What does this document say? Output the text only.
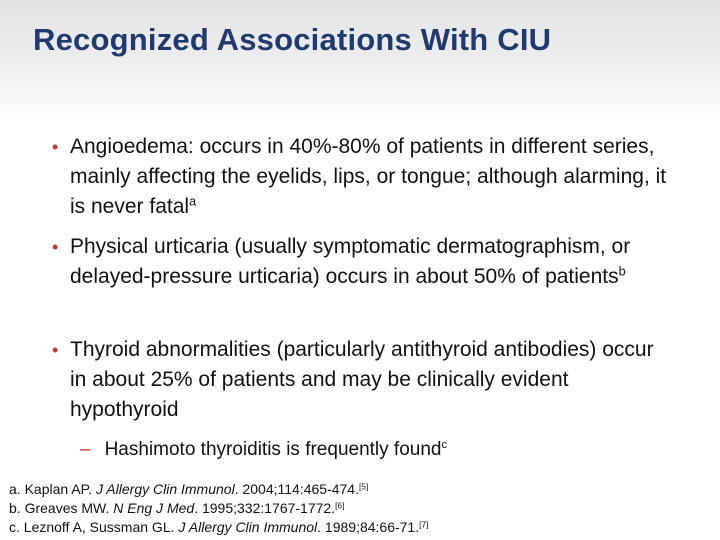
Recognized Associations With CIU
• Angioedema: occurs in 40%-80% of patients in different series, mainly affecting the eyelids, lips, or tongue; although alarming, it is never fatal$^a$
• Physical urticaria (usually symptomatic dermatographism, or delayed-pressure urticaria) occurs in about 50% of patients$^b$
• Thyroid abnormalities (particularly antithyroid antibodies) occur in about 25% of patients and may be clinically evident hypothyroid
– Hashimoto thyroiditis is frequently found$^c$
a. Kaplan AP. J Allergy Clin Immunol. 2004;114:465-474.[5]
b. Greaves MW. N Eng J Med. 1995;332:1767-1772.[6]
c. Leznoff A, Sussman GL. J Allergy Clin Immunol. 1989;84:66-71.[7]
